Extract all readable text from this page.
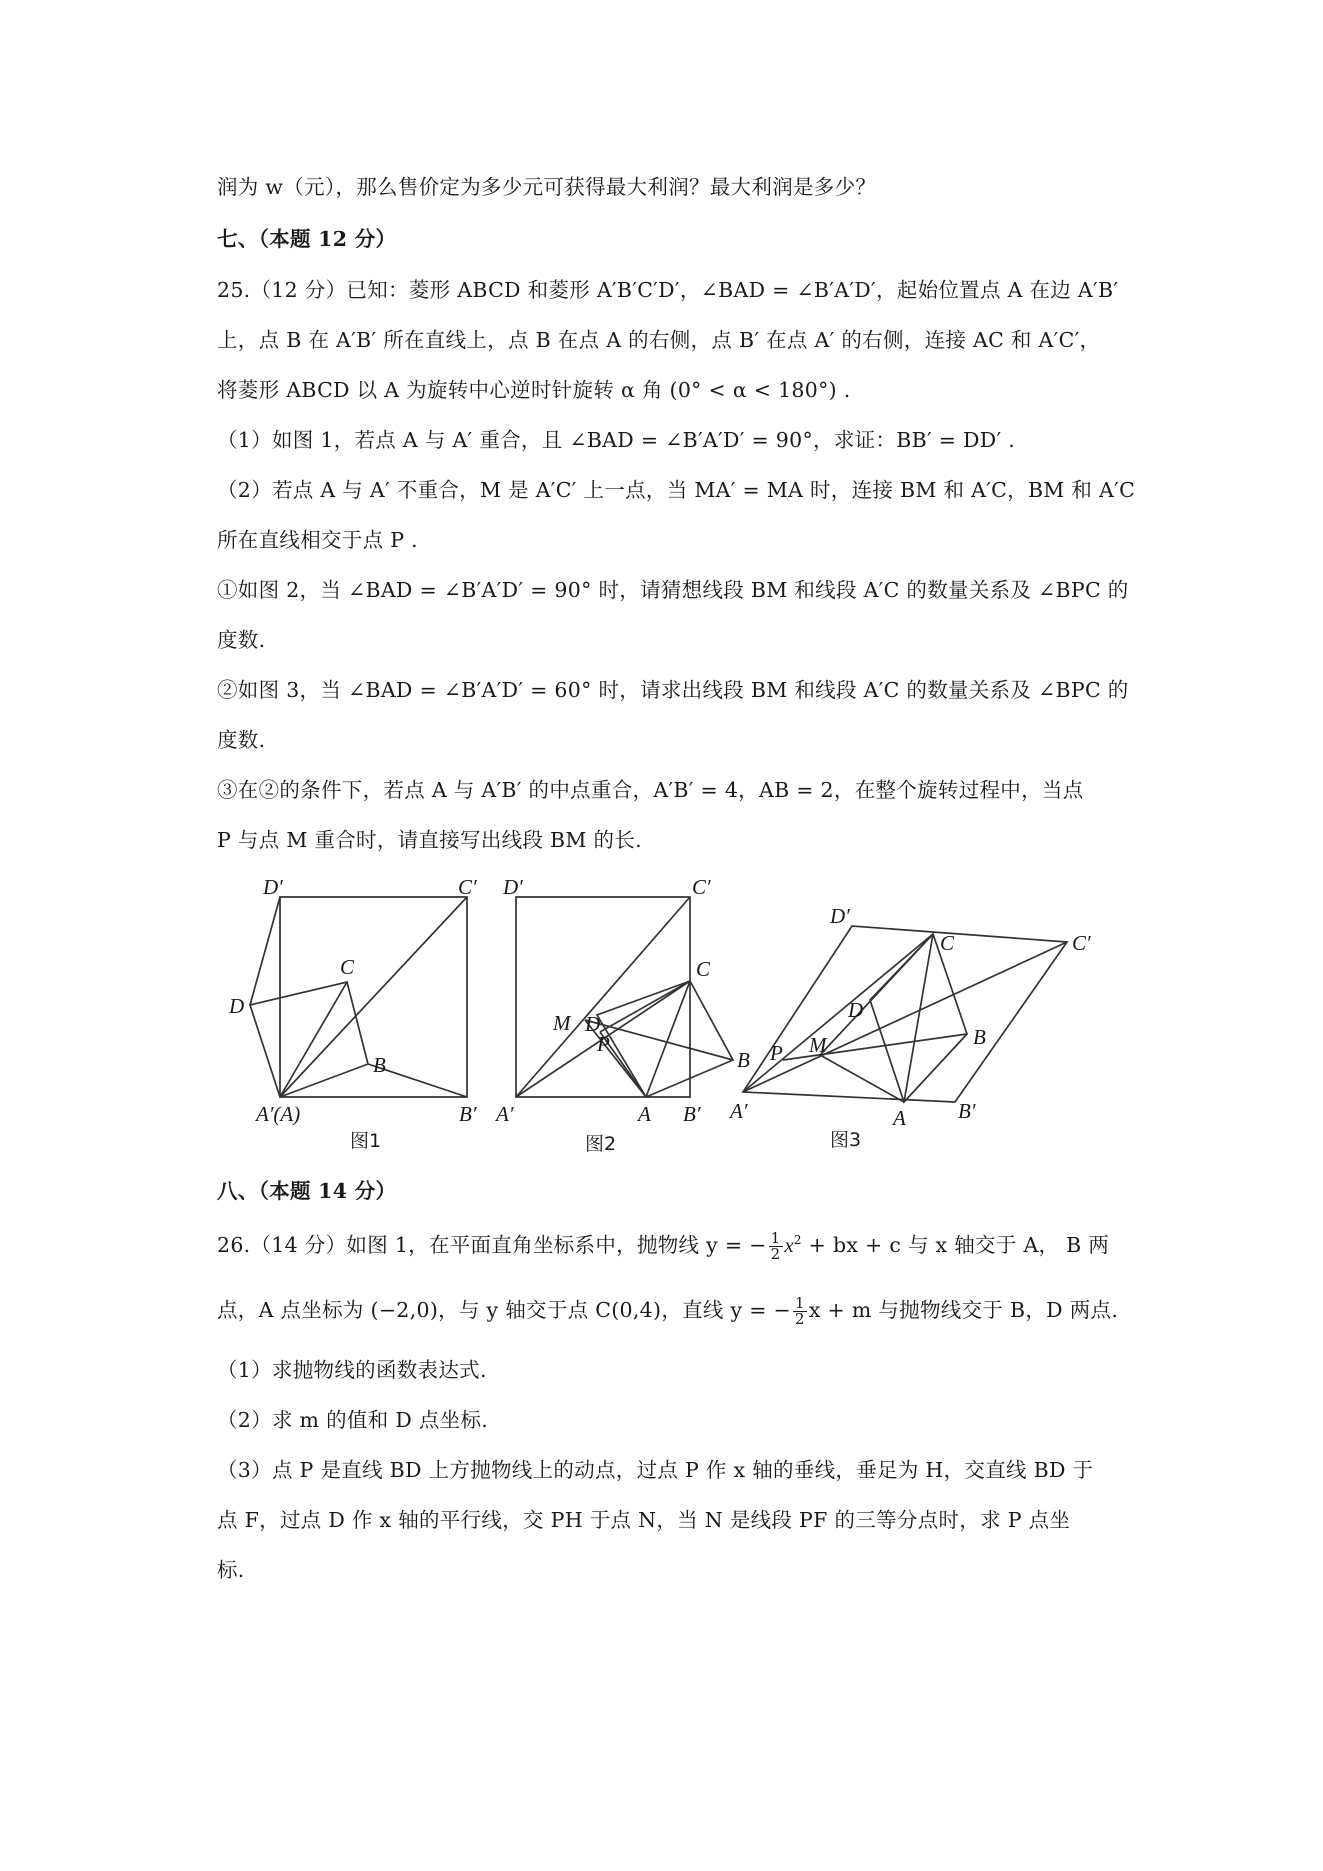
润为 w（元），那么售价定为多少元可获得最大利润？最大利润是多少？
七、（本题 12 分）
25.（12 分）已知：菱形 ABCD 和菱形 A′B′C′D′，∠BAD = ∠B′A′D′，起始位置点 A 在边 A′B′
上，点 B 在 A′B′ 所在直线上，点 B 在点 A 的右侧，点 B′ 在点 A′ 的右侧，连接 AC 和 A′C′，
将菱形 ABCD 以 A 为旋转中心逆时针旋转 α 角 (0° < α < 180°) .
（1）如图 1，若点 A 与 A′ 重合，且 ∠BAD = ∠B′A′D′ = 90°，求证：BB′ = DD′ .
（2）若点 A 与 A′ 不重合，M 是 A′C′ 上一点，当 MA′ = MA 时，连接 BM 和 A′C，BM 和 A′C
所在直线相交于点 P .
①如图 2，当 ∠BAD = ∠B′A′D′ = 90° 时，请猜想线段 BM 和线段 A′C 的数量关系及 ∠BPC 的
度数.
②如图 3，当 ∠BAD = ∠B′A′D′ = 60° 时，请求出线段 BM 和线段 A′C 的数量关系及 ∠BPC 的
度数.
③在②的条件下，若点 A 与 A′B′ 的中点重合，A′B′ = 4，AB = 2，在整个旋转过程中，当点
P 与点 M 重合时，请直接写出线段 BM 的长.
D′	C′
C
D
B
A′(A)	B′
图1
D′	C′
C
M D
P
B
A′	A B′
图2
D′
C	C′
D
B
P M
A′	A B′
图3
八、（本题 14 分）
26.（14 分）如图 1，在平面直角坐标系中，抛物线 y = − $\frac{1}{2} x^2$ + bx + c 与 x 轴交于 A， B 两
点，A 点坐标为 (−2,0)，与 y 轴交于点 C(0,4)，直线 y = − $\frac{1}{2}$ x + m 与抛物线交于 B，D 两点.
（1）求抛物线的函数表达式.
（2）求 m 的值和 D 点坐标.
（3）点 P 是直线 BD 上方抛物线上的动点，过点 P 作 x 轴的垂线，垂足为 H，交直线 BD 于
点 F，过点 D 作 x 轴的平行线，交 PH 于点 N，当 N 是线段 PF 的三等分点时，求 P 点坐
标.
